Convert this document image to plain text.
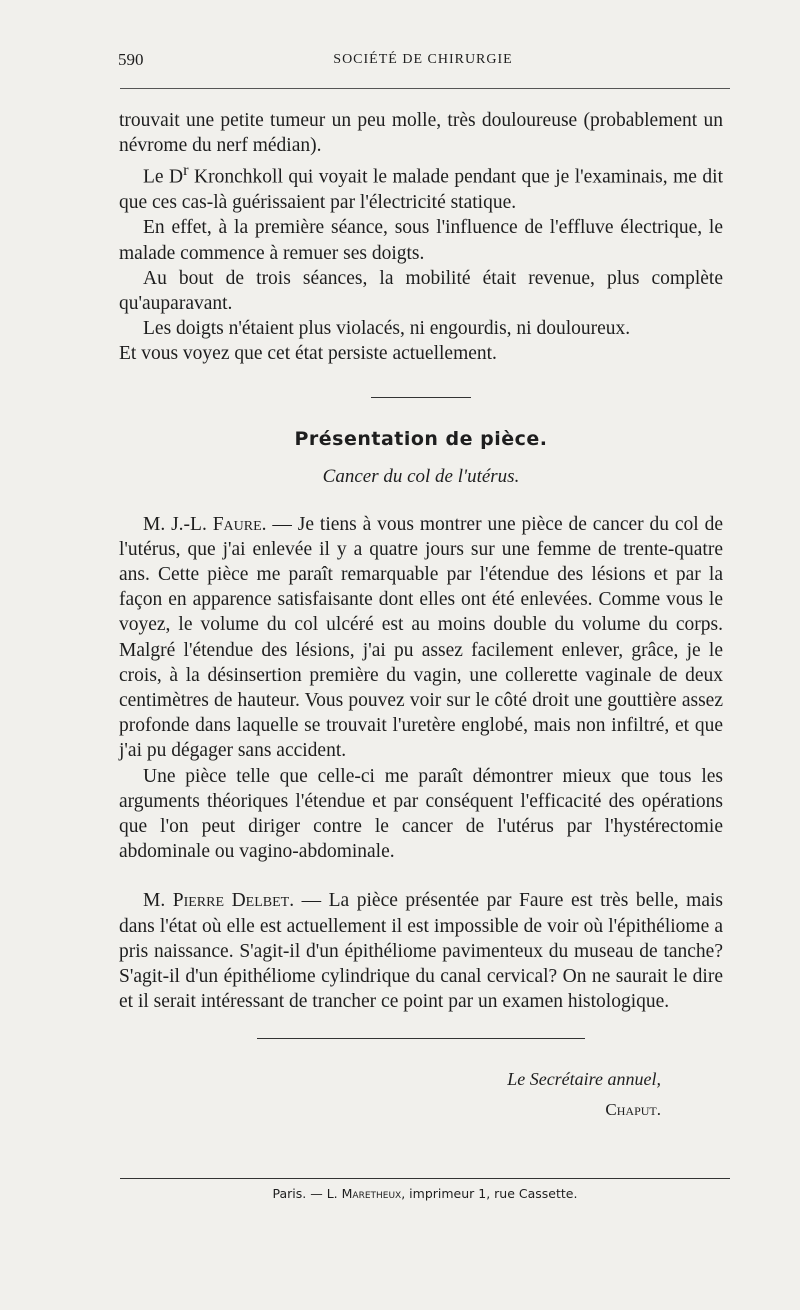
590	SOCIÉTÉ DE CHIRURGIE

trouvait une petite tumeur un peu molle, très douloureuse (probablement un névrome du nerf médian).

Le $D^r$ Kronchkoll qui voyait le malade pendant que je l'examinais, me dit que ces cas-là guérissaient par l'électricité statique.

En effet, à la première séance, sous l'influence de l'effluve électrique, le malade commence à remuer ses doigts.

Au bout de trois séances, la mobilité était revenue, plus complète qu'auparavant.

Les doigts n'étaient plus violacés, ni engourdis, ni douloureux.

Et vous voyez que cet état persiste actuellement.

Présentation de pièce.
Cancer du col de l'utérus.

M. J.-L. Faure. — Je tiens à vous montrer une pièce de cancer du col de l'utérus, que j'ai enlevée il y a quatre jours sur une femme de trente-quatre ans. Cette pièce me paraît remarquable par l'étendue des lésions et par la façon en apparence satisfaisante dont elles ont été enlevées. Comme vous le voyez, le volume du col ulcéré est au moins double du volume du corps. Malgré l'étendue des lésions, j'ai pu assez facilement enlever, grâce, je le crois, à la désinsertion première du vagin, une collerette vaginale de deux centimètres de hauteur. Vous pouvez voir sur le côté droit une gouttière assez profonde dans laquelle se trouvait l'uretère englobé, mais non infiltré, et que j'ai pu dégager sans accident.

Une pièce telle que celle-ci me paraît démontrer mieux que tous les arguments théoriques l'étendue et par conséquent l'efficacité des opérations que l'on peut diriger contre le cancer de l'utérus par l'hystérectomie abdominale ou vagino-abdominale.

M. Pierre Delbet. — La pièce présentée par Faure est très belle, mais dans l'état où elle est actuellement il est impossible de voir où l'épithéliome a pris naissance. S'agit-il d'un épithéliome pavimenteux du museau de tanche? S'agit-il d'un épithéliome cylindrique du canal cervical? On ne saurait le dire et il serait intéressant de trancher ce point par un examen histologique.

Le Secrétaire annuel,
Chaput.
Paris. — L. Maretheux, imprimeur 1, rue Cassette.
